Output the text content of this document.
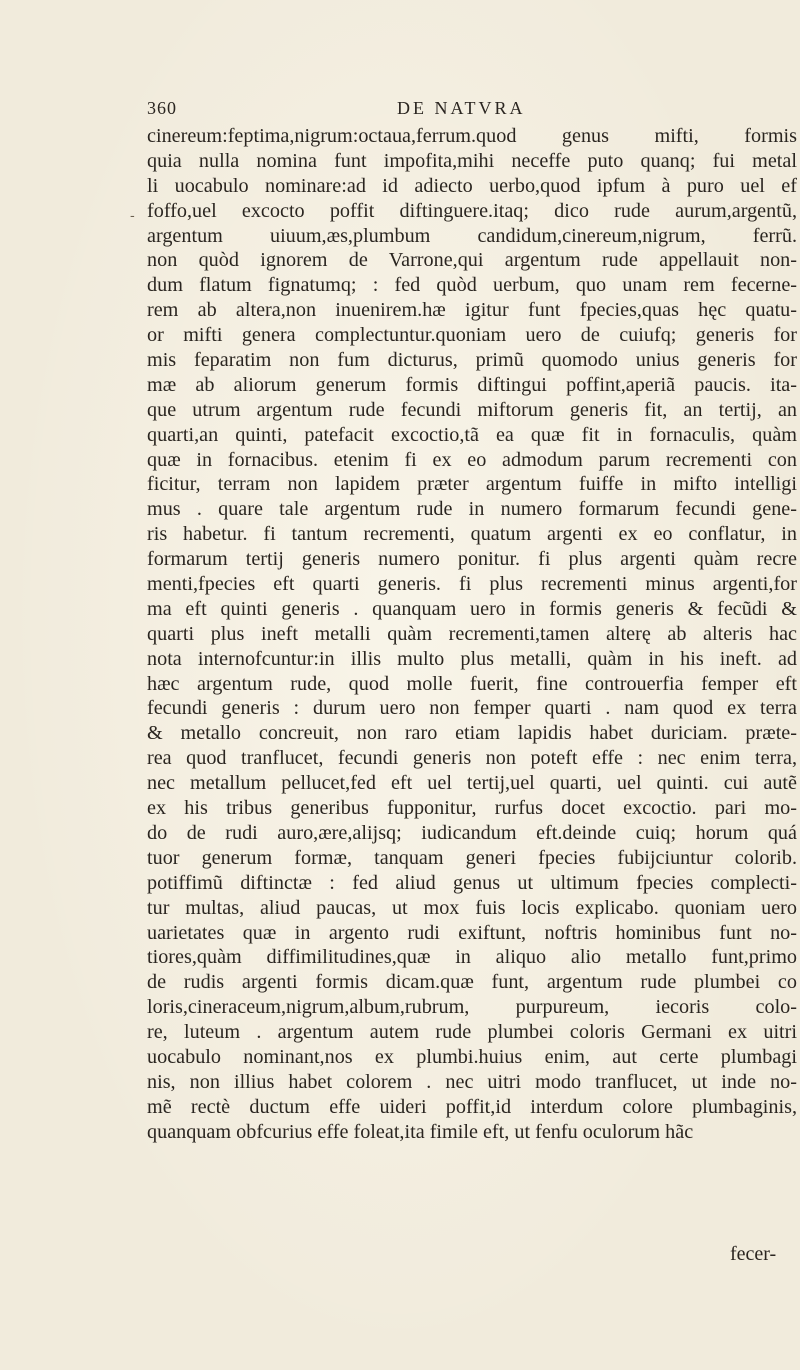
360	DE NATVRA
-
cinereum:feptima,nigrum:octaua,ferrum.quod genus mifti, formis
quia nulla nomina funt impofita,mihi neceffe puto quanq; fui metal
li uocabulo nominare:ad id adiecto uerbo,quod ipfum à puro uel ef
foffo,uel excocto poffit diftinguere.itaq; dico rude aurum,argentũ,
argentum uiuum,æs,plumbum candidum,cinereum,nigrum, ferrũ.
non quòd ignorem de Varrone,qui argentum rude appellauit non-
dum flatum fignatumq; : fed quòd uerbum, quo unam rem fecerne-
rem ab altera,non inuenirem.hæ igitur funt fpecies,quas hęc quatu-
or mifti genera complectuntur.quoniam uero de cuiufq; generis for
mis feparatim non fum dicturus, primũ quomodo unius generis for
mæ ab aliorum generum formis diftingui poffint,aperiã paucis. ita-
que utrum argentum rude fecundi miftorum generis fit, an tertij, an
quarti,an quinti, patefacit excoctio,tã ea quæ fit in fornaculis, quàm
quæ in fornacibus. etenim fi ex eo admodum parum recrementi con
ficitur, terram non lapidem præter argentum fuiffe in mifto intelligi
mus . quare tale argentum rude in numero formarum fecundi gene-
ris habetur. fi tantum recrementi, quatum argenti ex eo conflatur, in
formarum tertij generis numero ponitur. fi plus argenti quàm recre
menti,fpecies eft quarti generis. fi plus recrementi minus argenti,for
ma eft quinti generis . quanquam uero in formis generis & fecũdi &
quarti plus ineft metalli quàm recrementi,tamen alterę ab alteris hac
nota internofcuntur:in illis multo plus metalli, quàm in his ineft. ad
hæc argentum rude, quod molle fuerit, fine controuerfia femper eft
fecundi generis : durum uero non femper quarti . nam quod ex terra
& metallo concreuit, non raro etiam lapidis habet duriciam. præte-
rea quod tranflucet, fecundi generis non poteft effe : nec enim terra,
nec metallum pellucet,fed eft uel tertij,uel quarti, uel quinti. cui autẽ
ex his tribus generibus fupponitur, rurfus docet excoctio. pari mo-
do de rudi auro,ære,alijsq; iudicandum eft.deinde cuiq; horum quá
tuor generum formæ, tanquam generi fpecies fubijciuntur colorib.
potiffimũ diftinctæ : fed aliud genus ut ultimum fpecies complecti-
tur multas, aliud paucas, ut mox fuis locis explicabo. quoniam uero
uarietates quæ in argento rudi exiftunt, noftris hominibus funt no-
tiores,quàm diffimilitudines,quæ in aliquo alio metallo funt,primo
de rudis argenti formis dicam.quæ funt, argentum rude plumbei co
loris,cineraceum,nigrum,album,rubrum, purpureum, iecoris colo-
re, luteum . argentum autem rude plumbei coloris Germani ex uitri
uocabulo nominant,nos ex plumbi.huius enim, aut certe plumbagi
nis, non illius habet colorem . nec uitri modo tranflucet, ut inde no-
mẽ rectè ductum effe uideri poffit,id interdum colore plumbaginis,
quanquam obfcurius effe foleat,ita fimile eft, ut fenfu oculorum hãc
fecer-
